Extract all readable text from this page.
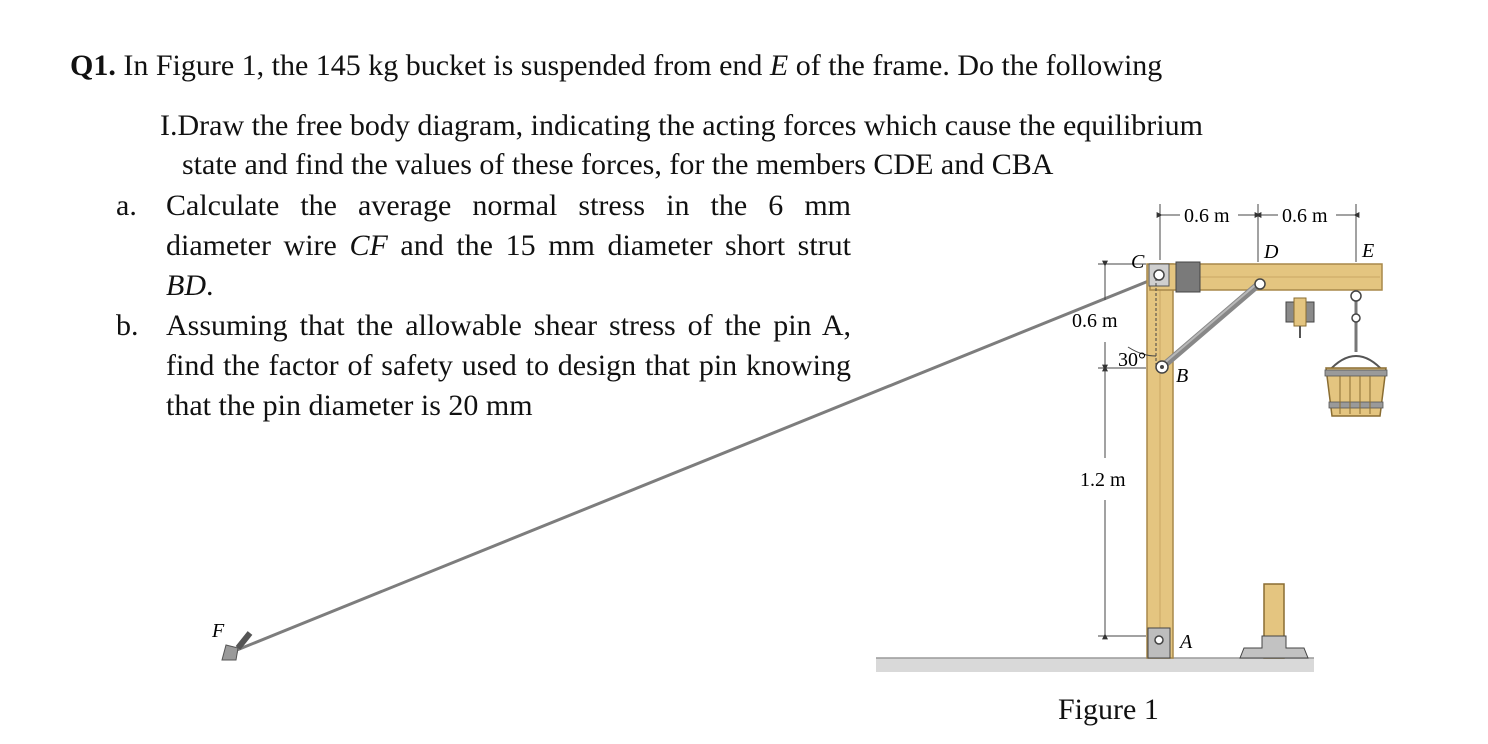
Q1. In Figure 1, the 145 kg bucket is suspended from end E of the frame. Do the following
I.Draw the free body diagram, indicating the acting forces which cause the equilibrium
state and find the values of these forces, for the members CDE and CBA
a. Calculate the average normal stress in the 6 mm diameter wire CF and the 15 mm diameter short strut BD.
b. Assuming that the allowable shear stress of the pin A, find the factor of safety used to design that pin knowing that the pin diameter is 20 mm
0.6 m	0.6 m
0.6 m
1.2 m
30°
C	D	E
B
A
F
Figure 1
